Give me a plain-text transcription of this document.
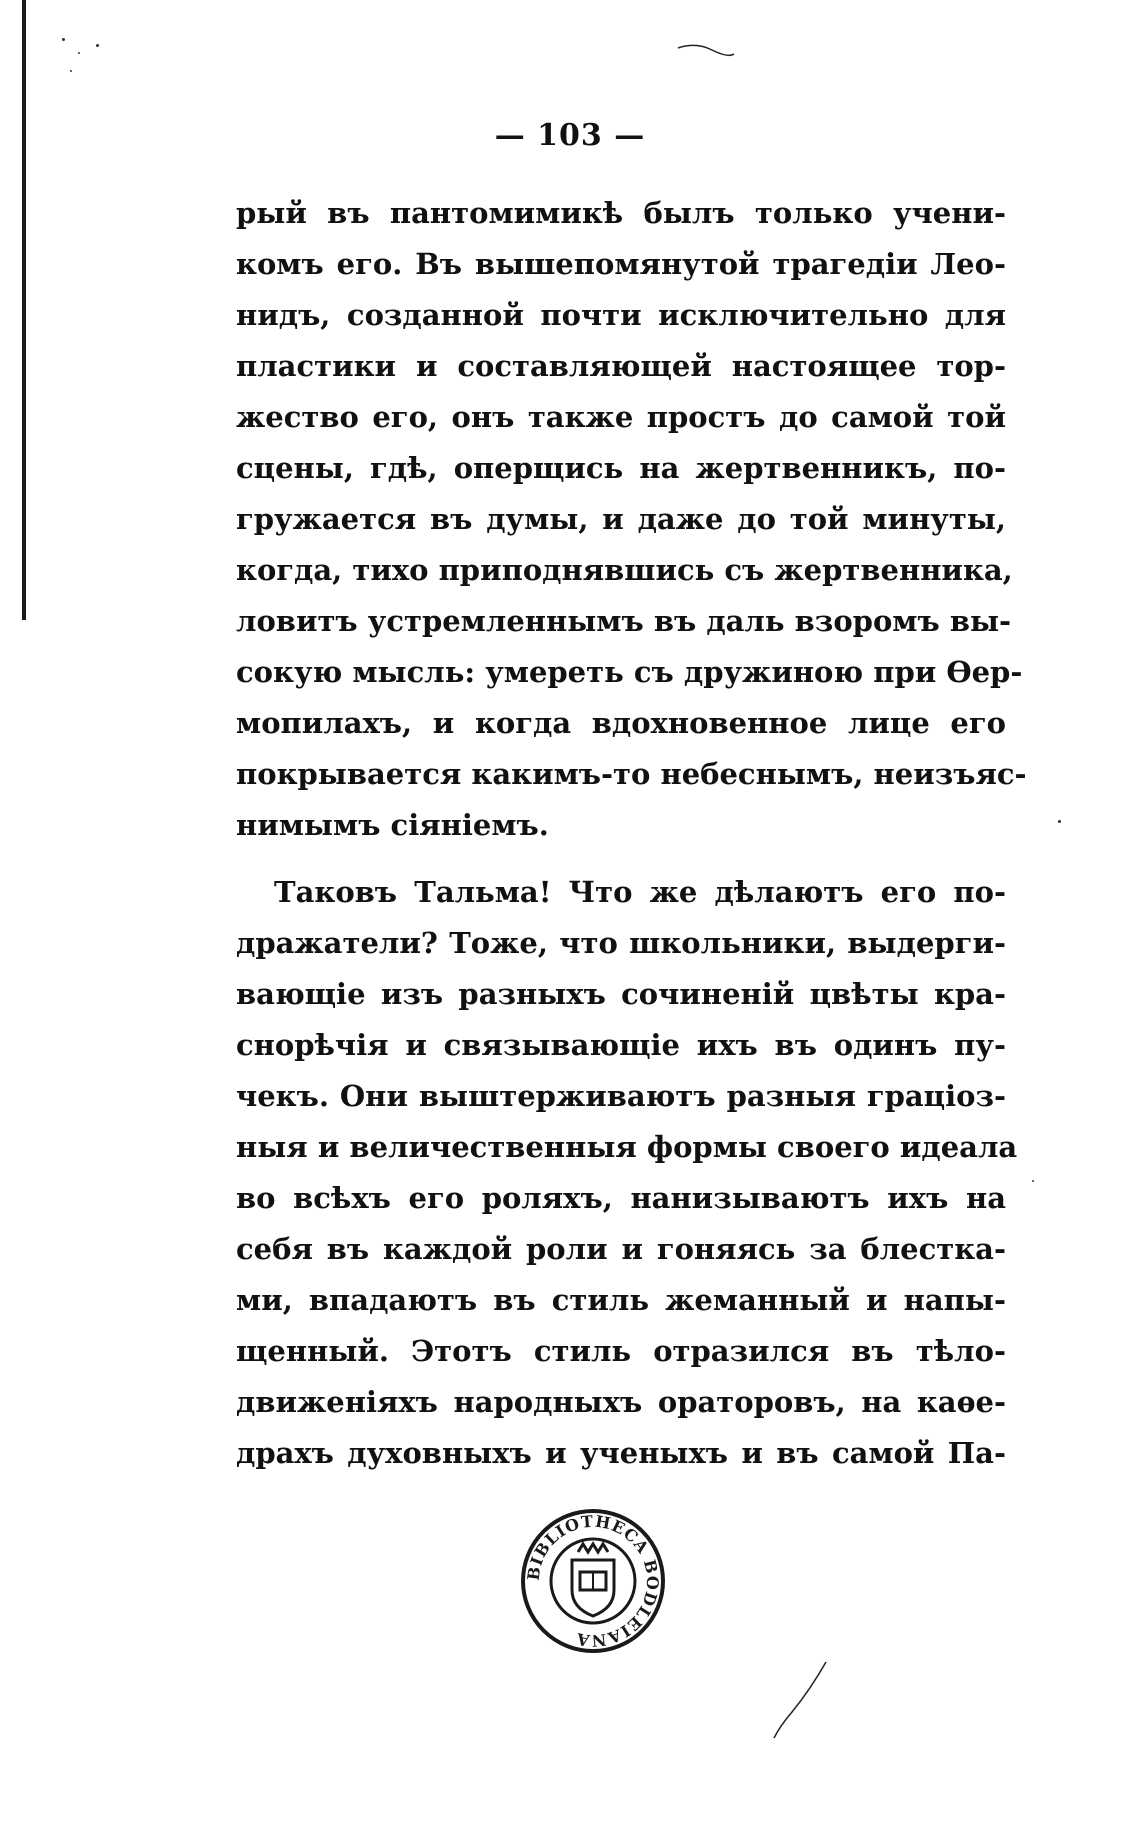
— 103 —
рый въ пантомимикѣ былъ только учени-
комъ его. Въ вышепомянутой трагедіи Лео-
нидъ, созданной почти исключительно для
пластики и составляющей настоящее тор-
жество его, онъ также простъ до самой той
сцены, гдѣ, оперщись на жертвенникъ, по-
гружается въ думы, и даже до той минуты,
когда, тихо приподнявшись съ жертвенника,
ловитъ устремленнымъ въ даль взоромъ вы-
сокую мысль: умереть съ дружиною при Ѳер-
мопилахъ, и когда вдохновенное лице его
покрывается какимъ-то небеснымъ, неизъяс-
нимымъ сіяніемъ.
Таковъ Тальма! Что же дѣлаютъ его по-
дражатели? Тоже, что школьники, выдерги-
вающіе изъ разныхъ сочиненій цвѣты кра-
снорѣчія и связывающіе ихъ въ одинъ пу-
чекъ. Они выштерживаютъ разныя граціоз-
ныя и величественныя формы своего идеала
во всѣхъ его роляхъ, нанизываютъ ихъ на
себя въ каждой роли и гоняясь за блестка-
ми, впадаютъ въ стиль жеманный и напы-
щенный. Этотъ стиль отразился въ тѣло-
движеніяхъ народныхъ ораторовъ, на каѳе-
драхъ духовныхъ и ученыхъ и въ самой Па-
BIBLIOTHECA BODLEIANA
